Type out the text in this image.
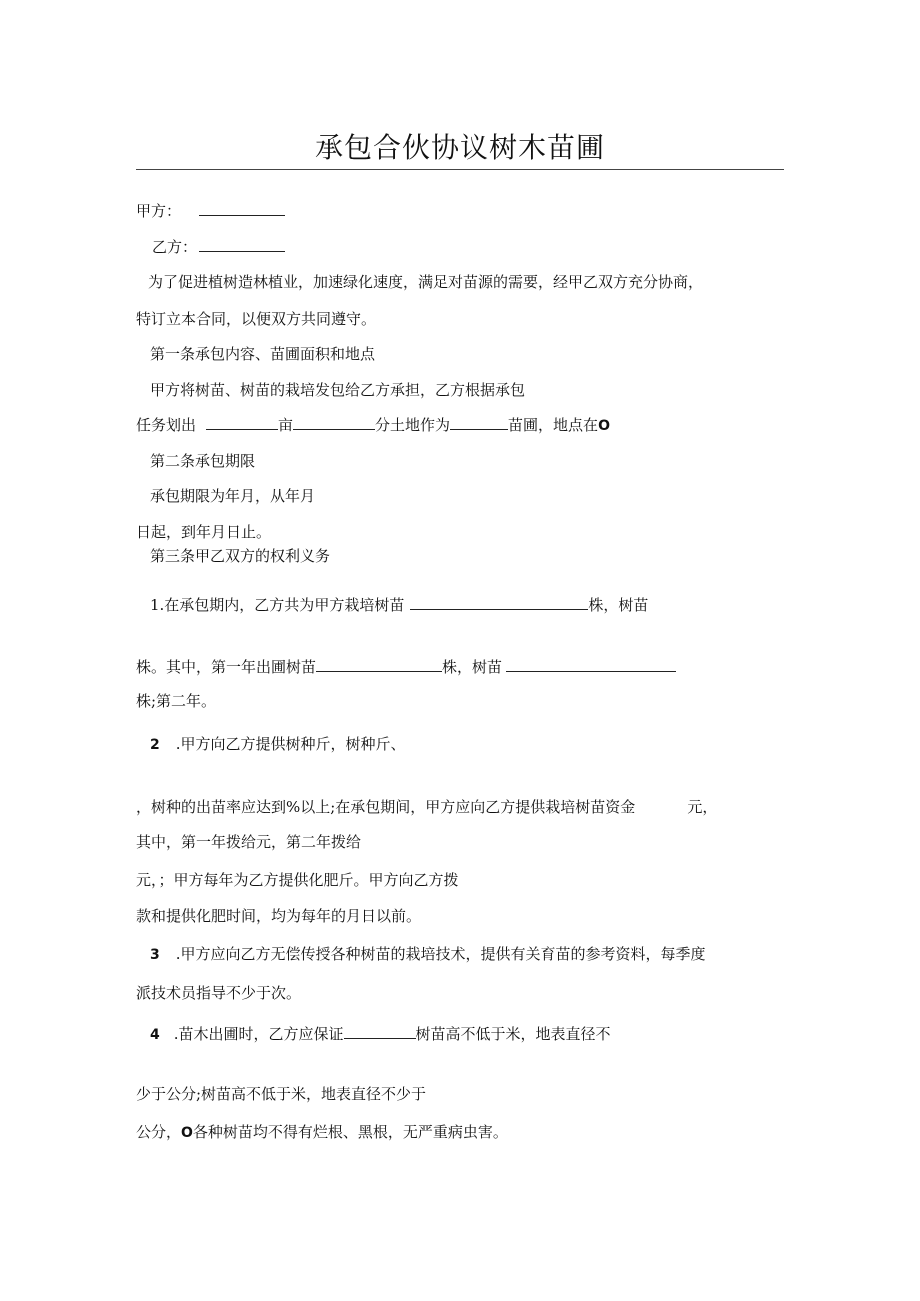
承包合伙协议树木苗圃
甲方：
乙方：
为了促进植树造林植业，加速绿化速度，满足对苗源的需要，经甲乙双方充分协商，
特订立本合同，以便双方共同遵守。
第一条承包内容、苗圃面积和地点
甲方将树苗、树苗的栽培发包给乙方承担，乙方根据承包
任务划出	亩	分土地作为	苗圃，地点在O
第二条承包期限
承包期限为年月，从年月
日起，到年月日止。
第三条甲乙双方的权利义务
1.在承包期内，乙方共为甲方栽培树苗	株，树苗
株。其中，第一年出圃树苗	株，树苗
株;第二年。
2 .甲方向乙方提供树种斤，树种斤、
，树种的出苗率应达到%以上;在承包期间，甲方应向乙方提供栽培树苗资金	元，
其中，第一年拨给元，第二年拨给
元，；甲方每年为乙方提供化肥斤。甲方向乙方拨
款和提供化肥时间，均为每年的月日以前。
3 .甲方应向乙方无偿传授各种树苗的栽培技术，提供有关育苗的参考资料，每季度
派技术员指导不少于次。
4 .苗木出圃时，乙方应保证	树苗高不低于米，地表直径不
少于公分;树苗高不低于米，地表直径不少于
公分，O各种树苗均不得有烂根、黑根，无严重病虫害。
